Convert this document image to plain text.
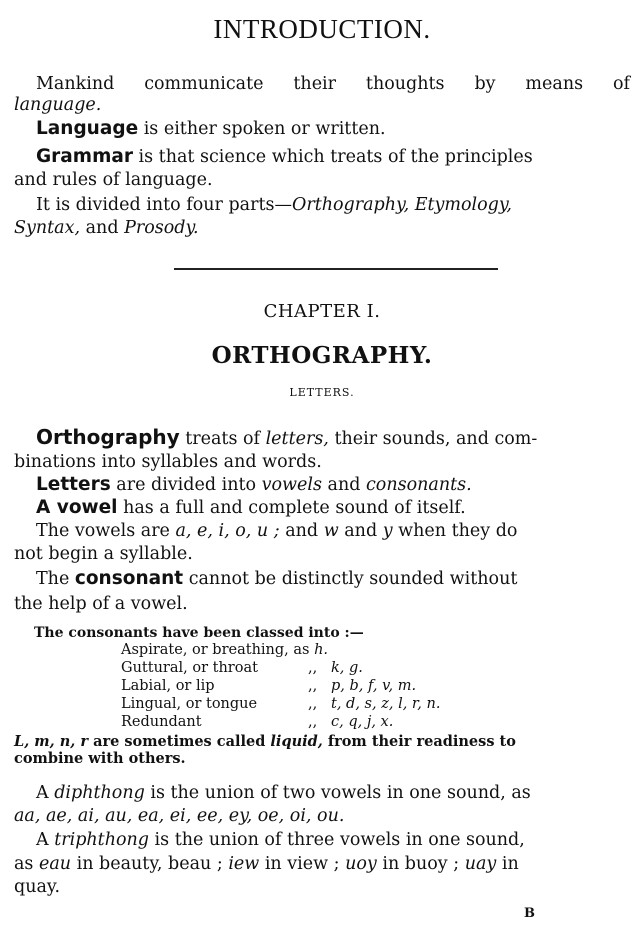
INTRODUCTION.
Mankind communicate their thoughts by means of
language.
Language is either spoken or written.
Grammar is that science which treats of the principles
and rules of language.
It is divided into four parts—Orthography, Etymology,
Syntax, and Prosody.
CHAPTER I.
ORTHOGRAPHY.
LETTERS.
Orthography treats of letters, their sounds, and com-
binations into syllables and words.
Letters are divided into vowels and consonants.
A vowel has a full and complete sound of itself.
The vowels are a, e, i, o, u ; and w and y when they do
not begin a syllable.
The consonant cannot be distinctly sounded without
the help of a vowel.
The consonants have been classed into :—
Aspirate, or breathing, as h.
Guttural, or throat	,, k, g.
Labial, or lip	,, p, b, f, v, m.
Lingual, or tongue	,, t, d, s, z, l, r, n.
Redundant	,, c, q, j, x.
L, m, n, r are sometimes called liquid, from their readiness to
combine with others.
A diphthong is the union of two vowels in one sound, as
aa, ae, ai, au, ea, ei, ee, ey, oe, oi, ou.
A triphthong is the union of three vowels in one sound,
as eau in beauty, beau ; iew in view ; uoy in buoy ; uay in
quay.
B
